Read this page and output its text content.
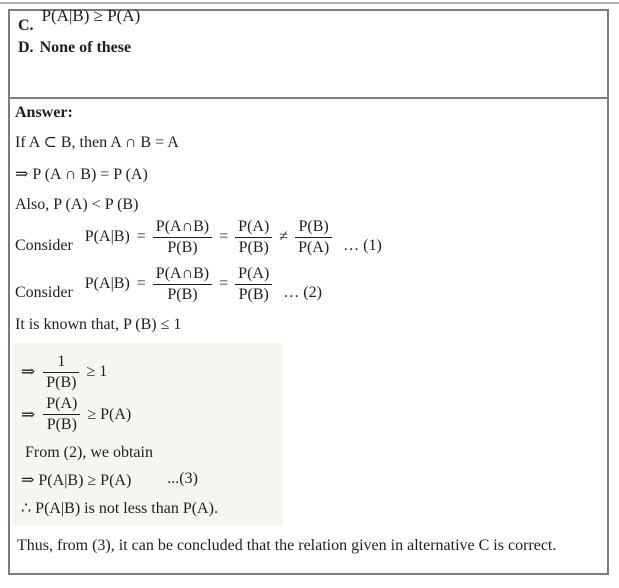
C.
P(A|B) ≥ P(A)
D. None of these
Answer:

If A ⊂ B, then A ∩ B = A

⇒ P (A ∩ B) = P (A)

Also, P (A) < P (B)

Consider $P(A|B) = \frac{P(A\cap B)}{P(B)} = \frac{P(A)}{P(B)} \ne \frac{P(B)}{P(A)}$ … (1)
Consider $P(A|B) = \frac{P(A\cap B)}{P(B)} = \frac{P(A)}{P(B)}$ … (2)

It is known that, P (B) ≤ 1

⇒ $\frac{1}{P(B)} \ge 1$
⇒ $\frac{P(A)}{P(B)} \ge P(A)$

From (2), we obtain

⇒ P(A|B) ≥ P(A) ...(3)

∴ P(A|B) is not less than P(A).

Thus, from (3), it can be concluded that the relation given in alternative C is correct.
